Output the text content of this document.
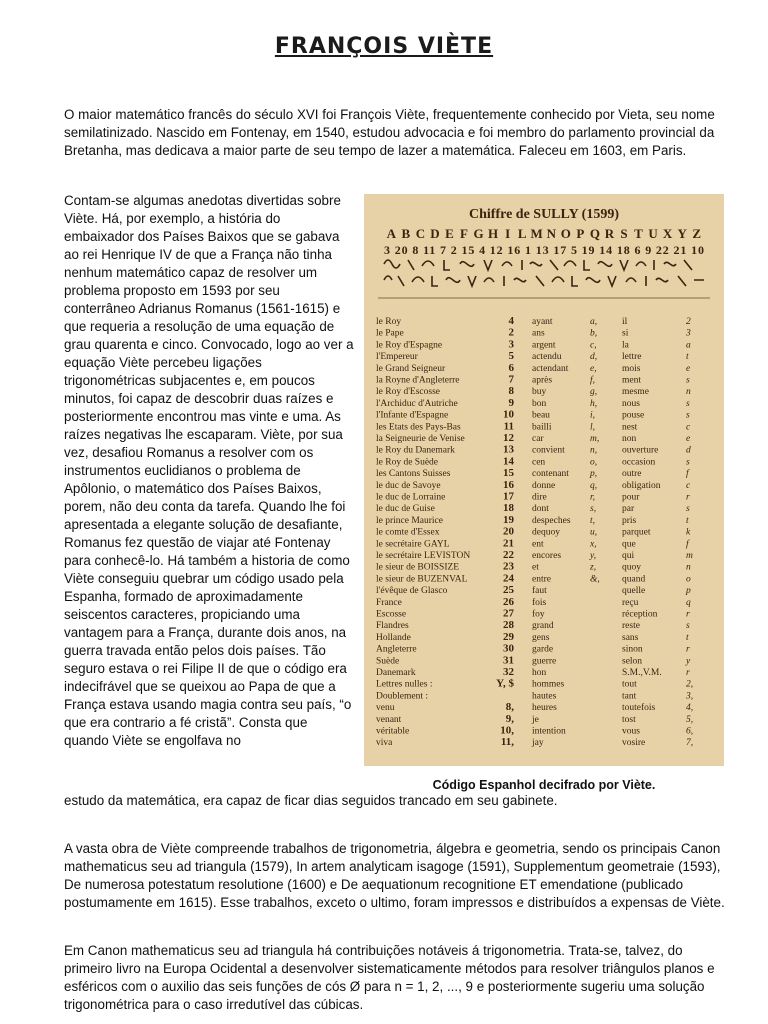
FRANÇOIS VIÈTE

O maior matemático francês do século XVI foi François Viète, frequentemente conhecido por Vieta, seu nome semilatinizado. Nascido em Fontenay, em 1540, estudou advocacia e foi membro do parlamento provincial da Bretanha, mas dedicava a maior parte de seu tempo de lazer a matemática. Faleceu em 1603, em Paris.

Contam-se algumas anedotas divertidas sobre Viète. Há, por exemplo, a história do embaixador dos Países Baixos que se gabava ao rei Henrique IV de que a França não tinha nenhum matemático capaz de resolver um problema proposto em 1593 por seu conterrâneo Adrianus Romanus (1561-1615) e que requeria a resolução de uma equação de grau quarenta e cinco. Convocado, logo ao ver a equação Viète percebeu ligações trigonométricas subjacentes e, em poucos minutos, foi capaz de descobrir duas raízes e posteriormente encontrou mas vinte e uma. As raízes negativas lhe escaparam. Viète, por sua vez, desafiou Romanus a resolver com os instrumentos euclidianos o problema de Apôlonio, o matemático dos Países Baixos, porem, não deu conta da tarefa. Quando lhe foi apresentada a elegante solução de desafiante, Romanus fez questão de viajar até Fontenay para conhecê-lo. Há também a historia de como Viète conseguiu quebrar um código usado pela Espanha, formado de aproximadamente seiscentos caracteres, propiciando uma vantagem para a França, durante dois anos, na guerra travada então pelos dois países. Tão seguro estava o rei Filipe II de que o código era indecifrável que se queixou ao Papa de que a França estava usando magia contra seu país, “o que era contrario a fé cristã”. Consta que quando Viète se engolfava no

Chiffre de SULLY (1599)
A B C D E F G H I L M N O P Q R S T U X Y Z
3 20 8 11 7 2 15 4 12 16 1 13 17 5 19 14 18 6 9 22 21 10
le Roy
le Pape
le Roy d'Espagne
l'Empereur
le Grand Seigneur
la Royne d'Angleterre
le Roy d'Escosse
l'Archiduc d'Autriche
l'Infante d'Espagne
les Etats des Pays-Bas
la Seigneurie de Venise
le Roy du Danemark
le Roy de Suède
les Cantons Suisses
le duc de Savoye
le duc de Lorraine
le duc de Guise
le prince Maurice
le comte d'Essex
le secrétaire GAYL
le secrétaire LEVISTON
le sieur de BOISSIZE
le sieur de BUZENVAL
l'évêque de Glasco
France
Escosse
Flandres
Hollande
Angleterre
Suède
Danemark
Lettres nulles :
Doublement :
venu
venant
véritable
viva
4
2
3
5
6
7
8
9
10
11
12
13
14
15
16
17
18
19
20
21
22
23
24
25
26
27
28
29
30
31
32
Y, $
8,
9,
10,
11,
ayant
ans
argent
actendu
actendant
après
buy
bon
beau
bailli
car
convient
cen
contenant
donne
dire
dont
despeches
dequoy
ent
encores
et
entre
faut
fois
foy
grand
gens
garde
guerre
hon
hommes
hautes
heures
je
intention
jay
a,
b,
c,
d,
e,
f,
g,
h,
i,
l,
m,
n,
o,
p,
q,
r,
s,
t,
u,
x,
y,
z,
&,
il
si
la
lettre
mois
ment
mesme
nous
pouse
nest
non
ouverture
occasion
outre
obligation
pour
par
pris
parquet
que
qui
quoy
quand
quelle
reçu
réception
reste
sans
sinon
selon
S.M.,V.M.
tout
tant
toutefois
tost
vous
vosire
2
3
a
t
e
s
n
s
s
c
e
d
s
f
c
r
s
t
k
f
m
n
o
p
q
r
s
t
r
y
r
2,
3,
4,
5,
6,
7,
Código Espanhol decifrado por Viète.

estudo da matemática, era capaz de ficar dias seguidos trancado em seu gabinete.

A vasta obra de Viète compreende trabalhos de trigonometria, álgebra e geometria, sendo os principais Canon mathematicus seu ad triangula (1579), In artem analyticam isagoge (1591), Supplementum geometraie (1593), De numerosa potestatum resolutione (1600) e De aequationum recognitione ET emendatione (publicado postumamente em 1615). Esse trabalhos, exceto o ultimo, foram impressos e distribuídos a expensas de Viète.

Em Canon mathematicus seu ad triangula há contribuições notáveis á trigonometria. Trata-se, talvez, do primeiro livro na Europa Ocidental a desenvolver sistematicamente métodos para resolver triângulos planos e esféricos com o auxilio das seis funções de cós Ø para n = 1, 2, ..., 9 e posteriormente sugeriu uma solução trigonométrica para o caso irredutível das cúbicas.
